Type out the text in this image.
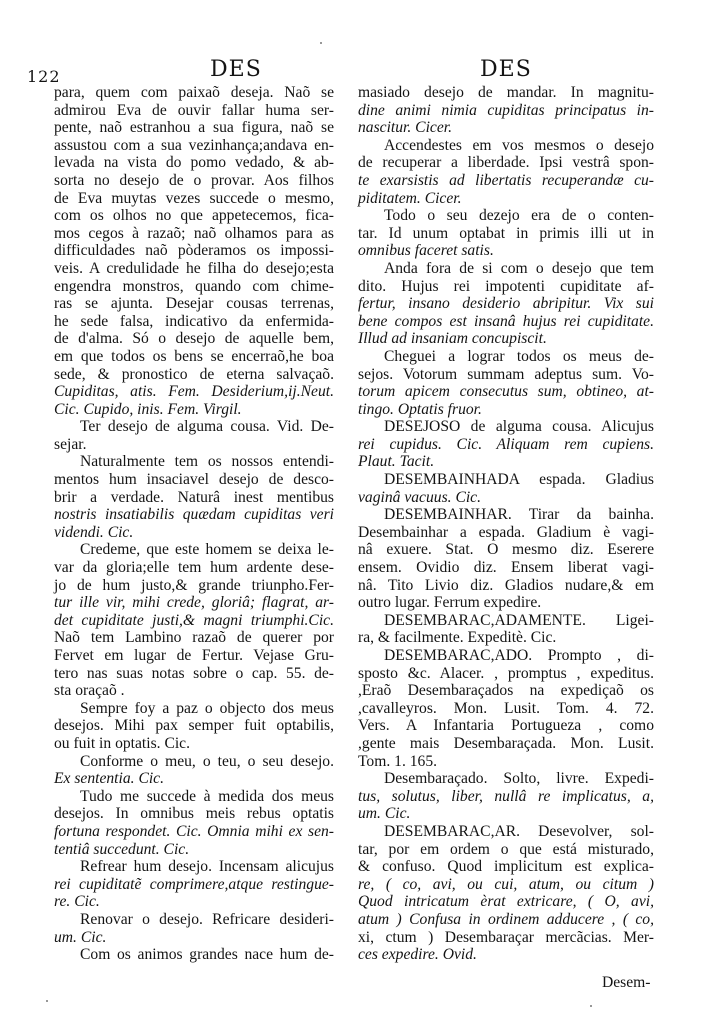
122	DES	DES
para, quem com paixaõ deseja. Naõ se
admirou Eva de ouvir fallar huma ser-
pente, naõ estranhou a sua figura, naõ se
assustou com a sua vezinhança;andava en-
levada na vista do pomo vedado, & ab-
sorta no desejo de o provar. Aos filhos
de Eva muytas vezes succede o mesmo,
com os olhos no que appetecemos, fica-
mos cegos à razaõ; naõ olhamos para as
difficuldades naõ pòderamos os impossi-
veis. A credulidade he filha do desejo;esta
engendra monstros, quando com chime-
ras se ajunta. Desejar cousas terrenas,
he sede falsa, indicativo da enfermida-
de d'alma. Só o desejo de aquelle bem,
em que todos os bens se encerraõ,he boa
sede, & pronostico de eterna salvaçaõ.
Cupiditas, atis. Fem. Desiderium,ij.Neut.
Cic. Cupido, inis. Fem. Virgil.
Ter desejo de alguma cousa. Vid. De-
sejar.
Naturalmente tem os nossos entendi-
mentos hum insaciavel desejo de desco-
brir a verdade. Naturâ inest mentibus
nostris insatiabilis quædam cupiditas veri
videndi. Cic.
Credeme, que este homem se deixa le-
var da gloria;elle tem hum ardente dese-
jo de hum justo,& grande triunpho.Fer-
tur ille vir, mihi crede, gloriâ; flagrat, ar-
det cupiditate justi,& magni triumphi.Cic.
Naõ tem Lambino razaõ de querer por
Fervet em lugar de Fertur. Vejase Gru-
tero nas suas notas sobre o cap. 55. de-
sta oraçaõ .
Sempre foy a paz o objecto dos meus
desejos. Mihi pax semper fuit optabilis,
ou fuit in optatis. Cic.
Conforme o meu, o teu, o seu desejo.
Ex sententia. Cic.
Tudo me succede à medida dos meus
desejos. In omnibus meis rebus optatis
fortuna respondet. Cic. Omnia mihi ex sen-
tentiâ succedunt. Cic.
Refrear hum desejo. Incensam alicujus
rei cupiditatẽ comprimere,atque restingue-
re. Cic.
Renovar o desejo. Refricare desideri-
um. Cic.
Com os animos grandes nace hum de-
masiado desejo de mandar. In magnitu-
dine animi nimia cupiditas principatus in-
nascitur. Cicer.
Accendestes em vos mesmos o desejo
de recuperar a liberdade. Ipsi vestrâ spon-
te exarsistis ad libertatis recuperandæ cu-
piditatem. Cicer.
Todo o seu dezejo era de o conten-
tar. Id unum optabat in primis illi ut in
omnibus faceret satis.
Anda fora de si com o desejo que tem
dito. Hujus rei impotenti cupiditate af-
fertur, insano desiderio abripitur. Vix sui
bene compos est insanâ hujus rei cupiditate.
Illud ad insaniam concupiscit.
Cheguei a lograr todos os meus de-
sejos. Votorum summam adeptus sum. Vo-
torum apicem consecutus sum, obtineo, at-
tingo. Optatis fruor.
DESEJOSO de alguma cousa. Alicujus
rei cupidus. Cic. Aliquam rem cupiens.
Plaut. Tacit.
DESEMBAINHADA espada. Gladius
vaginâ vacuus. Cic.
DESEMBAINHAR. Tirar da bainha.
Desembainhar a espada. Gladium è vagi-
nâ exuere. Stat. O mesmo diz. Eserere
ensem. Ovidio diz. Ensem liberat vagi-
nâ. Tito Livio diz. Gladios nudare,& em
outro lugar. Ferrum expedire.
DESEMBARAC,ADAMENTE. Ligei-
ra, & facilmente. Expeditè. Cic.
DESEMBARAC,ADO. Prompto , di-
sposto &c. Alacer. , promptus , expeditus.
,Eraõ Desembaraçados na expediçaõ os
,cavalleyros. Mon. Lusit. Tom. 4. 72.
Vers. A Infantaria Portugueza , como
,gente mais Desembaraçada. Mon. Lusit.
Tom. 1. 165.
Desembaraçado. Solto, livre. Expedi-
tus, solutus, liber, nullâ re implicatus, a,
um. Cic.
DESEMBARAC,AR. Desevolver, sol-
tar, por em ordem o que está misturado,
& confuso. Quod implicitum est explica-
re, ( co, avi, ou cui, atum, ou citum )
Quod intricatum èrat extricare, ( O, avi,
atum ) Confusa in ordinem adducere , ( co,
xi, ctum ) Desembaraçar mercãcias. Mer-
ces expedire. Ovid.
Desem-
